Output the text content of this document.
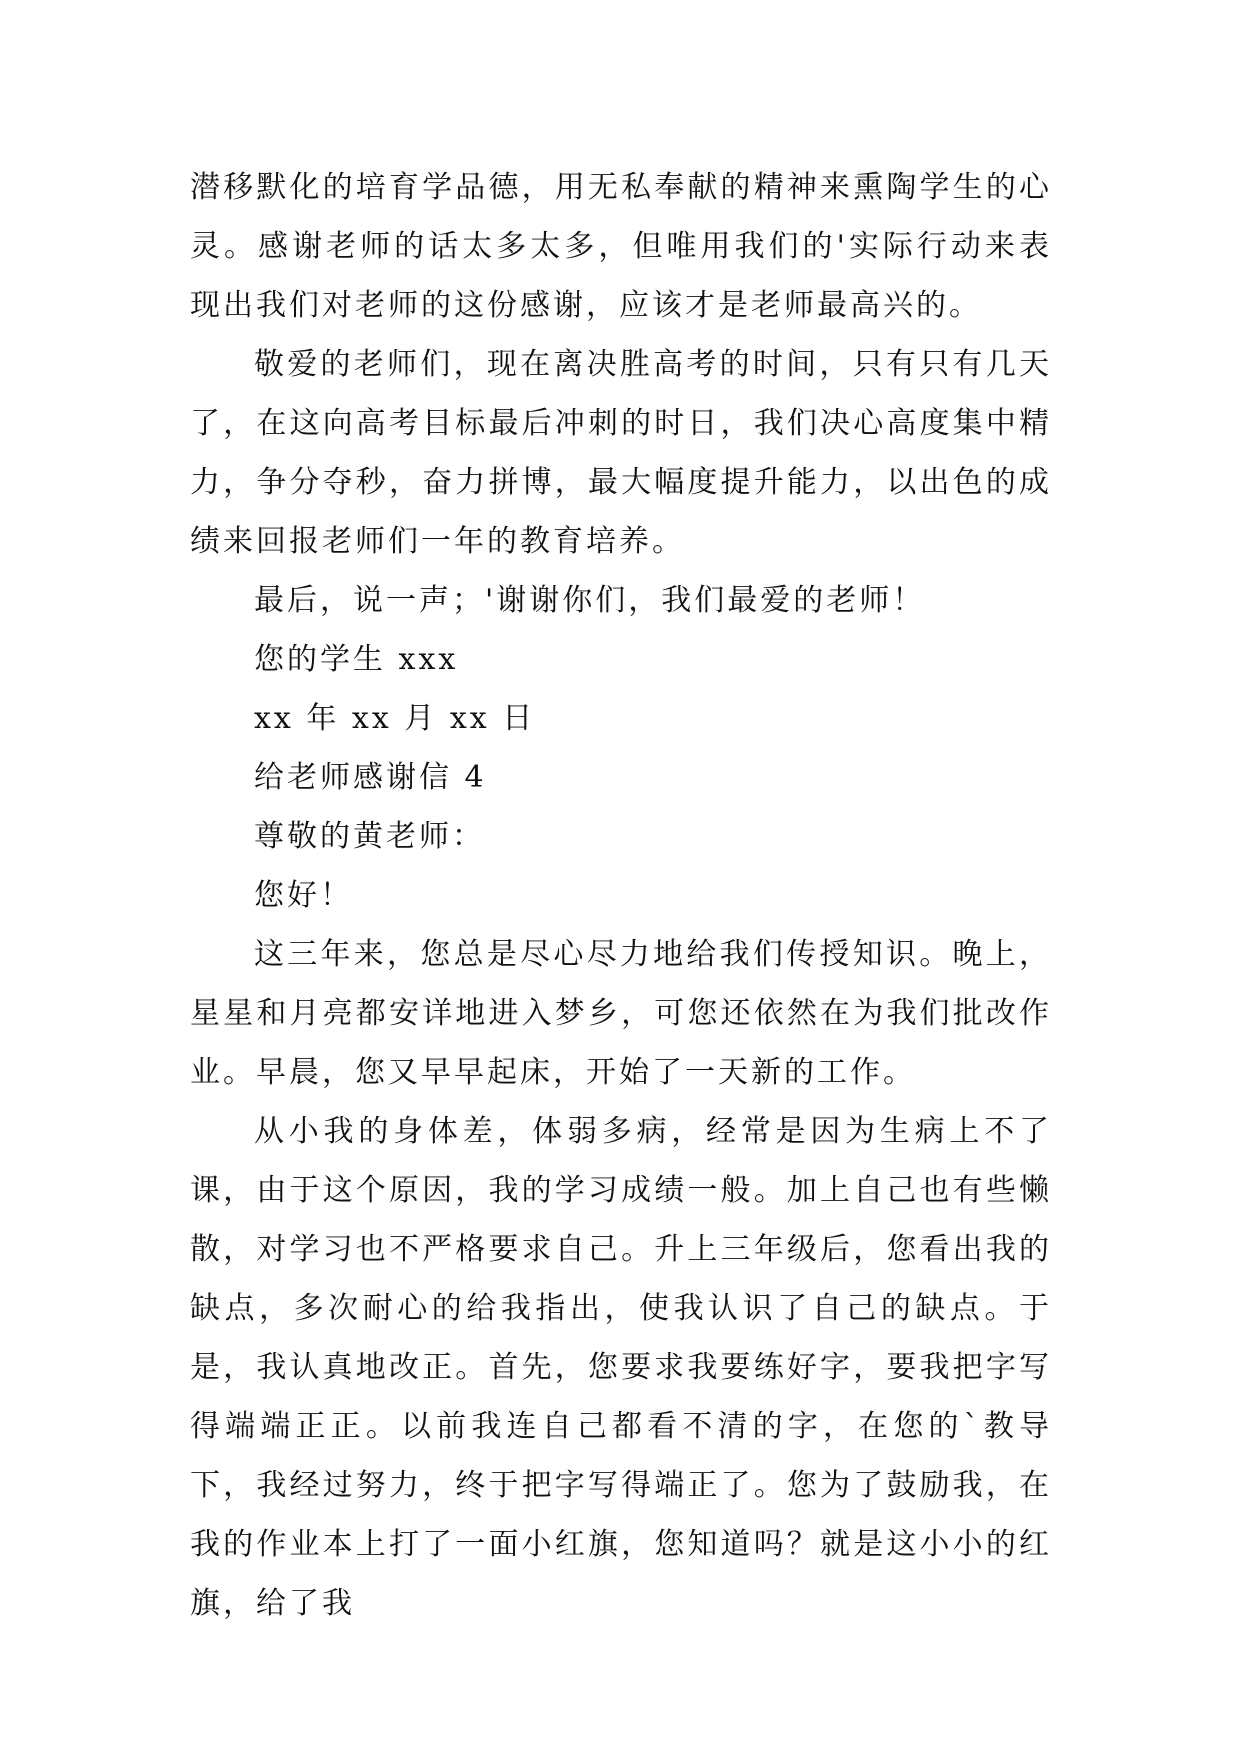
潜移默化的培育学品德，用无私奉献的精神来熏陶学生的心灵。感谢老师的话太多太多，但唯用我们的'实际行动来表现出我们对老师的这份感谢，应该才是老师最高兴的。

敬爱的老师们，现在离决胜高考的时间，只有只有几天了，在这向高考目标最后冲刺的时日，我们决心高度集中精力，争分夺秒，奋力拼博，最大幅度提升能力，以出色的成绩来回报老师们一年的教育培养。

最后，说一声；'谢谢你们，我们最爱的老师！

您的学生 xxx

xx 年 xx 月 xx 日

给老师感谢信 4

尊敬的黄老师：

您好！

这三年来，您总是尽心尽力地给我们传授知识。晚上，星星和月亮都安详地进入梦乡，可您还依然在为我们批改作业。早晨，您又早早起床，开始了一天新的工作。

从小我的身体差，体弱多病，经常是因为生病上不了课，由于这个原因，我的学习成绩一般。加上自己也有些懒散，对学习也不严格要求自己。升上三年级后，您看出我的缺点，多次耐心的给我指出，使我认识了自己的缺点。于是，我认真地改正。首先，您要求我要练好字，要我把字写得端端正正。以前我连自己都看不清的字，在您的`教导下，我经过努力，终于把字写得端正了。您为了鼓励我，在我的作业本上打了一面小红旗，您知道吗？就是这小小的红旗，给了我
